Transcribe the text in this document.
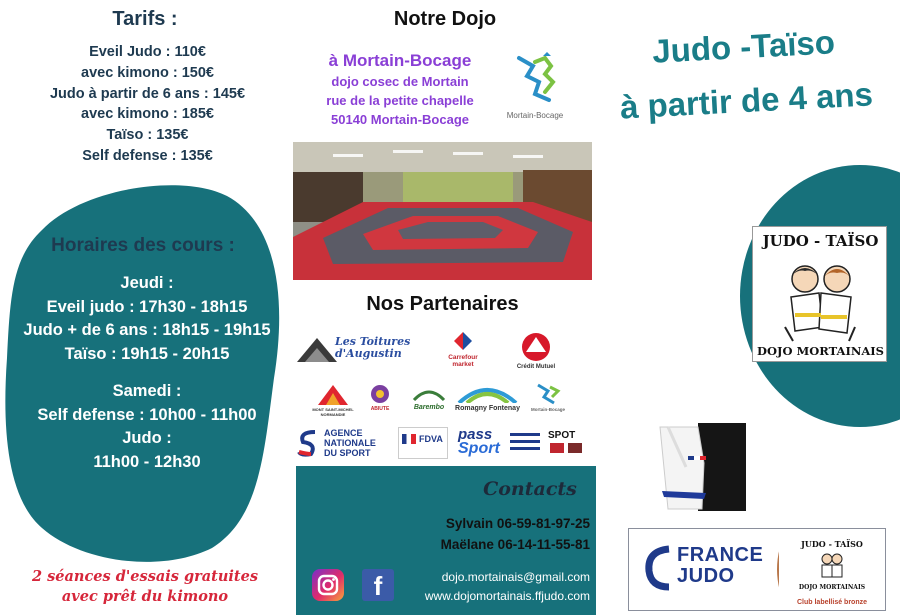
Tarifs :
Eveil Judo : 110€
avec kimono : 150€
Judo à partir de 6 ans : 145€
avec kimono : 185€
Taïso : 135€
Self defense : 135€
Horaires des cours :
Jeudi :
Eveil judo : 17h30 - 18h15
Judo + de 6 ans : 18h15 - 19h15
Taïso : 19h15 - 20h15
Samedi :
Self defense : 10h00 - 11h00
Judo :
11h00 - 12h30
2 séances d'essais gratuites
avec prêt du kimono
Notre Dojo
à Mortain-Bocage
dojo cosec de Mortain
rue de la petite chapelle
50140 Mortain-Bocage	Mortain-Bocage
Nos Partenaires
Les Toitures d'Augustin	Carrefour market	Crédit Mutuel
MONT SAINT-MICHEL NORMANDIE
ABIUTE	Barembo	Romagny Fontenay Mortain-Bocage
AGENCE
NATIONALE
DU SPORT
FDVA pass
Sport
SPOT
Contacts
Sylvain 06-59-81-97-25
Maëlane 06-14-11-55-81
f	dojo.mortainais@gmail.com
www.dojomortainais.ffjudo.com
Judo -Taïso
à partir de 4 ans
JUDO - TAÏSO
DOJO MORTAINAIS
FRANCE
JUDO
JUDO - TAÏSO
DOJO MORTAINAIS
Club labellisé bronze
